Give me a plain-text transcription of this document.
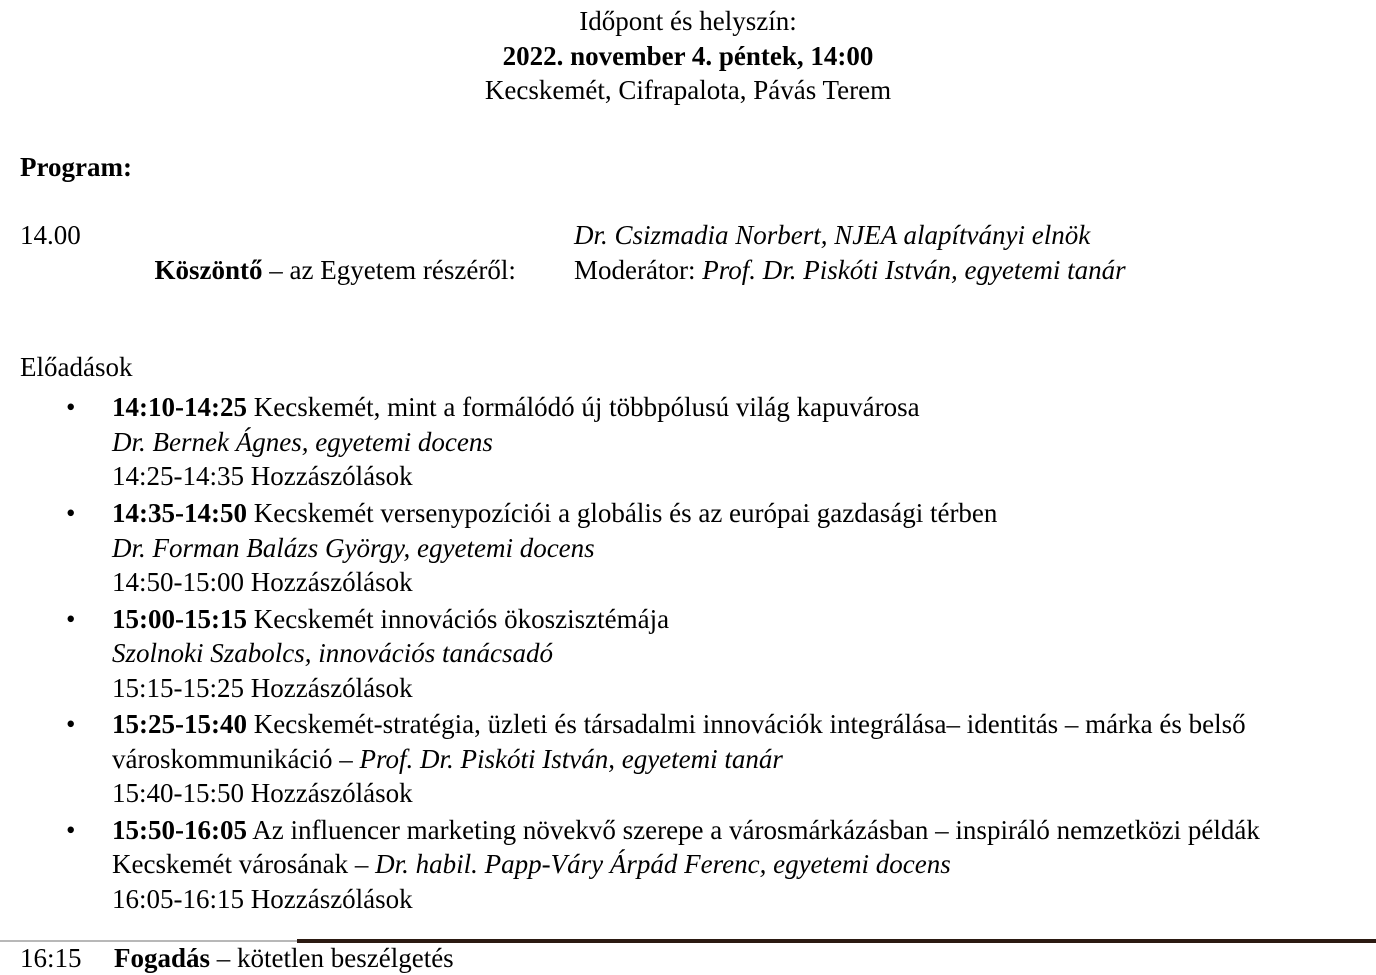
Időpont és helyszín:
2022. november 4. péntek, 14:00
Kecskemét, Cifrapalota, Pávás Terem
Program:
14.00

Köszöntő – az Egyetem részéről:

Dr. Csizmadia Norbert, NJEA alapítványi elnök
Moderátor: Prof. Dr. Piskóti István, egyetemi tanár
Előadások
• 14:10-14:25 Kecskemét, mint a formálódó új többpólusú világ kapuvárosa
Dr. Bernek Ágnes, egyetemi docens
14:25-14:35 Hozzászólások
• 14:35-14:50 Kecskemét versenypozíciói a globális és az európai gazdasági térben
Dr. Forman Balázs György, egyetemi docens
14:50-15:00 Hozzászólások
• 15:00-15:15 Kecskemét innovációs ökoszisztémája
Szolnoki Szabolcs, innovációs tanácsadó
15:15-15:25 Hozzászólások
• 15:25-15:40 Kecskemét-stratégia, üzleti és társadalmi innovációk integrálása– identitás – márka és belső városkommunikáció – Prof. Dr. Piskóti István, egyetemi tanár
15:40-15:50 Hozzászólások
• 15:50-16:05 Az influencer marketing növekvő szerepe a városmárkázásban – inspiráló nemzetközi példák Kecskemét városának – Dr. habil. Papp-Váry Árpád Ferenc, egyetemi docens
16:05-16:15 Hozzászólások
16:15	Fogadás – kötetlen beszélgetés
